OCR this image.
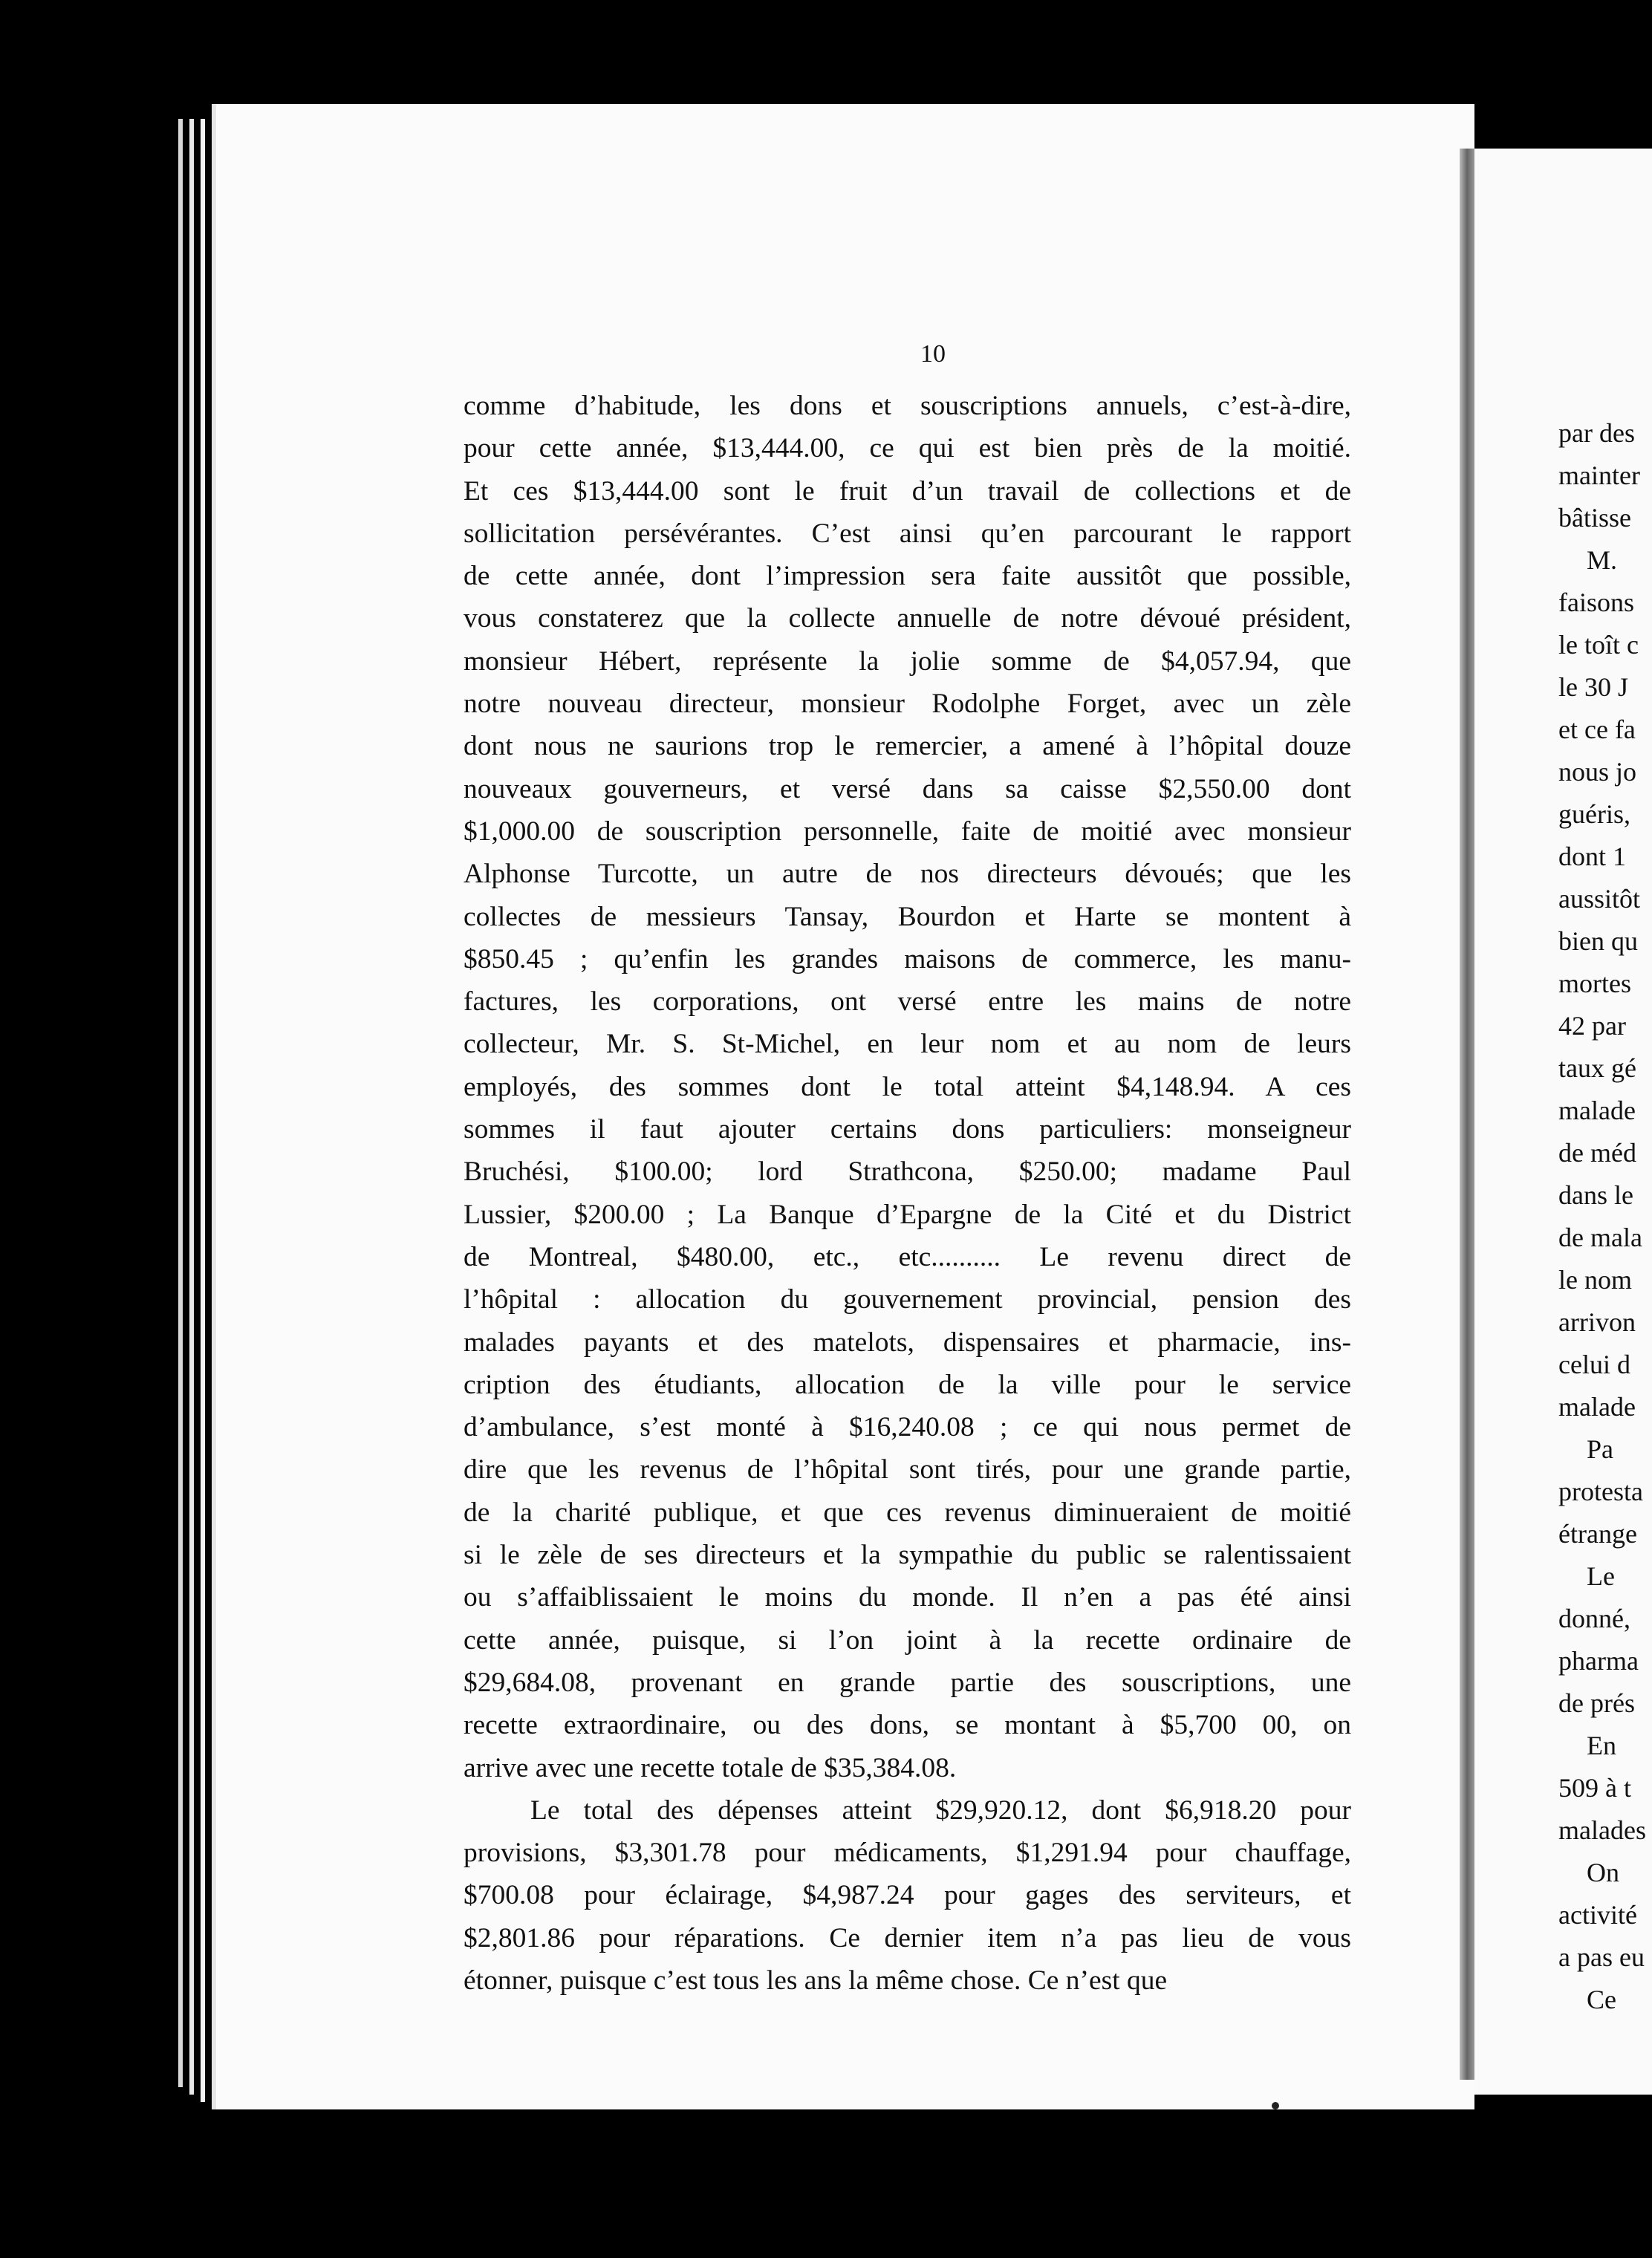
10

comme d’habitude, les dons et souscriptions annuels, c’est-à-dire,
pour cette année, $13,444.00, ce qui est bien près de la moitié.
Et ces $13,444.00 sont le fruit d’un travail de collections et de
sollicitation persévérantes. C’est ainsi qu’en parcourant le rapport
de cette année, dont l’impression sera faite aussitôt que possible,
vous constaterez que la collecte annuelle de notre dévoué président,
monsieur Hébert, représente la jolie somme de $4,057.94, que
notre nouveau directeur, monsieur Rodolphe Forget, avec un zèle
dont nous ne saurions trop le remercier, a amené à l’hôpital douze
nouveaux gouverneurs, et versé dans sa caisse $2,550.00 dont
$1,000.00 de souscription personnelle, faite de moitié avec monsieur
Alphonse Turcotte, un autre de nos directeurs dévoués; que les
collectes de messieurs Tansay, Bourdon et Harte se montent à
$850.45 ; qu’enfin les grandes maisons de commerce, les manu-
factures, les corporations, ont versé entre les mains de notre
collecteur, Mr. S. St-Michel, en leur nom et au nom de leurs
employés, des sommes dont le total atteint $4,148.94. A ces
sommes il faut ajouter certains dons particuliers: monseigneur
Bruchési, $100.00; lord Strathcona, $250.00; madame Paul
Lussier, $200.00 ; La Banque d’Epargne de la Cité et du District
de Montreal, $480.00, etc., etc.......... Le revenu direct de
l’hôpital : allocation du gouvernement provincial, pension des
malades payants et des matelots, dispensaires et pharmacie, ins-
cription des étudiants, allocation de la ville pour le service
d’ambulance, s’est monté à $16,240.08 ; ce qui nous permet de
dire que les revenus de l’hôpital sont tirés, pour une grande partie,
de la charité publique, et que ces revenus diminueraient de moitié
si le zèle de ses directeurs et la sympathie du public se ralentissaient
ou s’affaiblissaient le moins du monde. Il n’en a pas été ainsi
cette année, puisque, si l’on joint à la recette ordinaire de
$29,684.08, provenant en grande partie des souscriptions, une
recette extraordinaire, ou des dons, se montant à $5,700 00, on
arrive avec une recette totale de $35,384.08.

Le total des dépenses atteint $29,920.12, dont $6,918.20 pour
provisions, $3,301.78 pour médicaments, $1,291.94 pour chauffage,
$700.08 pour éclairage, $4,987.24 pour gages des serviteurs, et
$2,801.86 pour réparations. Ce dernier item n’a pas lieu de vous
étonner, puisque c’est tous les ans la même chose. Ce n’est que

par des
mainter
bâtisse
M.
faisons
le toît c
le 30 J
et ce fa
nous jo
guéris,
dont 1
aussitôt
bien qu
mortes
42 par
taux gé
malade
de méd
dans le
de mala
le nom
arrivon
celui d
malade
Pa
protesta
étrange
Le
donné,
pharma
de prés
En
509 à t
malades
On
activité
a pas eu
Ce
